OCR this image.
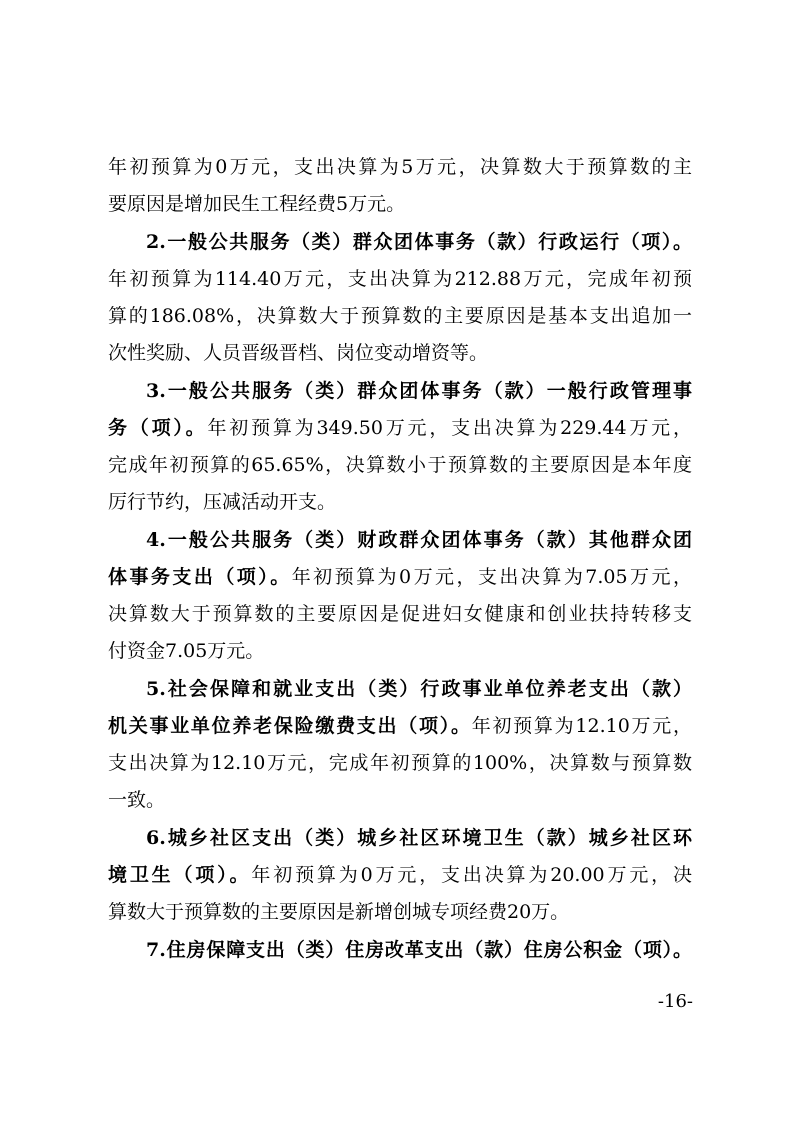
年初预算为0万元，支出决算为5万元，决算数大于预算数的主
要原因是增加民生工程经费5万元。
2.一般公共服务（类）群众团体事务（款）行政运行（项）。
年初预算为114.40万元，支出决算为212.88万元，完成年初预
算的186.08%，决算数大于预算数的主要原因是基本支出追加一
次性奖励、人员晋级晋档、岗位变动增资等。
3.一般公共服务（类）群众团体事务（款）一般行政管理事
务（项）。年初预算为349.50万元，支出决算为229.44万元，
完成年初预算的65.65%，决算数小于预算数的主要原因是本年度
厉行节约，压减活动开支。
4.一般公共服务（类）财政群众团体事务（款）其他群众团
体事务支出（项）。年初预算为0万元，支出决算为7.05万元，
决算数大于预算数的主要原因是促进妇女健康和创业扶持转移支
付资金7.05万元。
5.社会保障和就业支出（类）行政事业单位养老支出（款）
机关事业单位养老保险缴费支出（项）。年初预算为12.10万元，
支出决算为12.10万元，完成年初预算的100%，决算数与预算数
一致。
6.城乡社区支出（类）城乡社区环境卫生（款）城乡社区环
境卫生（项）。年初预算为0万元，支出决算为20.00万元，决
算数大于预算数的主要原因是新增创城专项经费20万。
7.住房保障支出（类）住房改革支出（款）住房公积金（项）。
-16-
